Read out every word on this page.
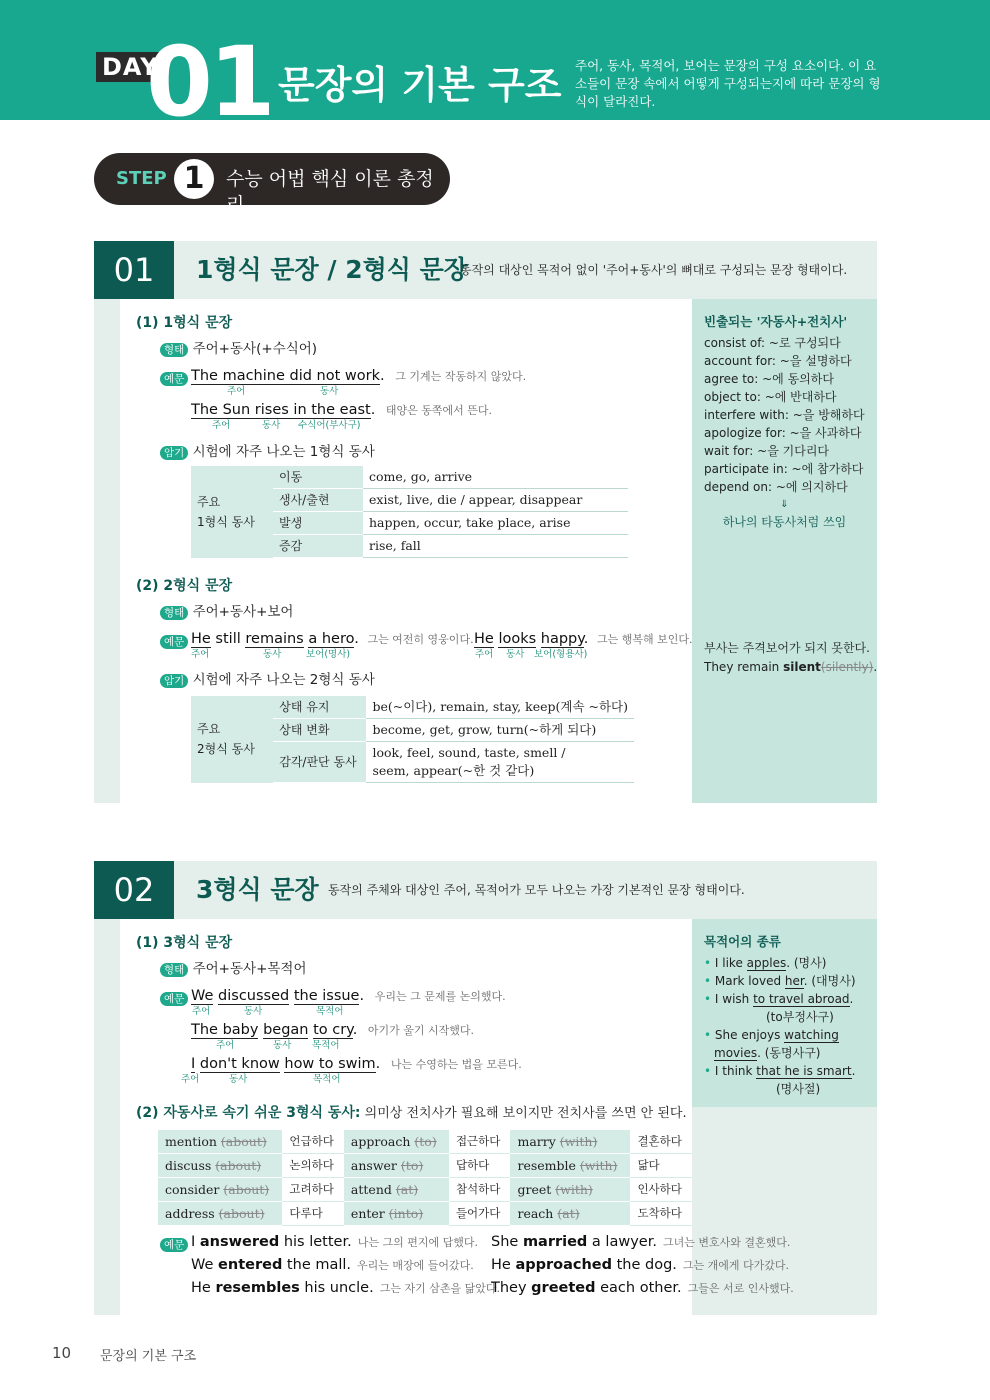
DAY
01 문장의 기본 구조 주어, 동사, 목적어, 보어는 문장의 구성 요소이다. 이 요소들이 문장 속에서 어떻게 구성되는지에 따라 문장의 형식이 달라진다.
STEP 1	수능 어법 핵심 이론 총정리
01	1형식 문장 / 2형식 문장
동작의 대상인 목적어 없이 '주어+동사'의 뼈대로 구성되는 문장 형태이다.
(1) 1형식 문장
형태 주어+동사(+수식어)
예문 The machine did not work. 그 기계는 작동하지 않았다.
주어	동사
The Sun rises in the east. 태양은 동쪽에서 뜬다.
주어	동사 수식어(부사구)
암기 시험에 자주 나오는 1형식 동사
주요
1형식 동사	이동	come, go, arrive
	생사/출현	exist, live, die / appear, disappear
	발생	happen, occur, take place, arise
	증감	rise, fall
(2) 2형식 문장
형태 주어+동사+보어
예문 He still remains a hero. 그는 여전히 영웅이다.
주어	동사	보어(명사)
He looks happy. 그는 행복해 보인다.
주어 동사 보어(형용사)
암기 시험에 자주 나오는 2형식 동사
주요
2형식 동사	상태 유지	be(~이다), remain, stay, keep(계속 ~하다)
	상태 변화	become, get, grow, turn(~하게 되다)
	감각/판단 동사	look, feel, sound, taste, smell /
seem, appear(~한 것 같다)
빈출되는 '자동사+전치사'
consist of: ~로 구성되다
account for: ~을 설명하다
agree to: ~에 동의하다
object to: ~에 반대하다
interfere with: ~을 방해하다
apologize for: ~을 사과하다
wait for: ~을 기다리다
participate in: ~에 참가하다
depend on: ~에 의지하다
⇓
하나의 타동사처럼 쓰임
부사는 주격보어가 되지 못한다.
They remain silent(silently).
02	3형식 문장 동작의 주체와 대상인 주어, 목적어가 모두 나오는 가장 기본적인 문장 형태이다.
(1) 3형식 문장
형태 주어+동사+목적어
예문 We discussed the issue. 우리는 그 문제를 논의했다.
주어	동사	목적어
The baby began to cry. 아기가 울기 시작했다.
주어	동사 목적어
I don't know how to swim. 나는 수영하는 법을 모른다.
주어	동사	목적어
(2) 자동사로 속기 쉬운 3형식 동사: 의미상 전치사가 필요해 보이지만 전치사를 쓰면 안 된다.
mention (about)	언급하다	approach (to)	접근하다	marry (with)	결혼하다
discuss (about)	논의하다	answer (to)	답하다	resemble (with)	닮다
consider (about)	고려하다	attend (at)	참석하다	greet (with)	인사하다
address (about)	다루다	enter (into)	들어가다	reach (at)	도착하다
예문 I answered his letter. 나는 그의 편지에 답했다.
We entered the mall. 우리는 매장에 들어갔다.
He resembles his uncle. 그는 자기 삼촌을 닮았다.
She married a lawyer. 그녀는 변호사와 결혼했다.
He approached the dog. 그는 개에게 다가갔다.
They greeted each other. 그들은 서로 인사했다.
목적어의 종류
• I like apples. (명사)
• Mark loved her. (대명사)
• I wish to travel abroad.
(to부정사구)
• She enjoys watching
movies. (동명사구)
• I think that he is smart.
(명사절)
10 문장의 기본 구조
